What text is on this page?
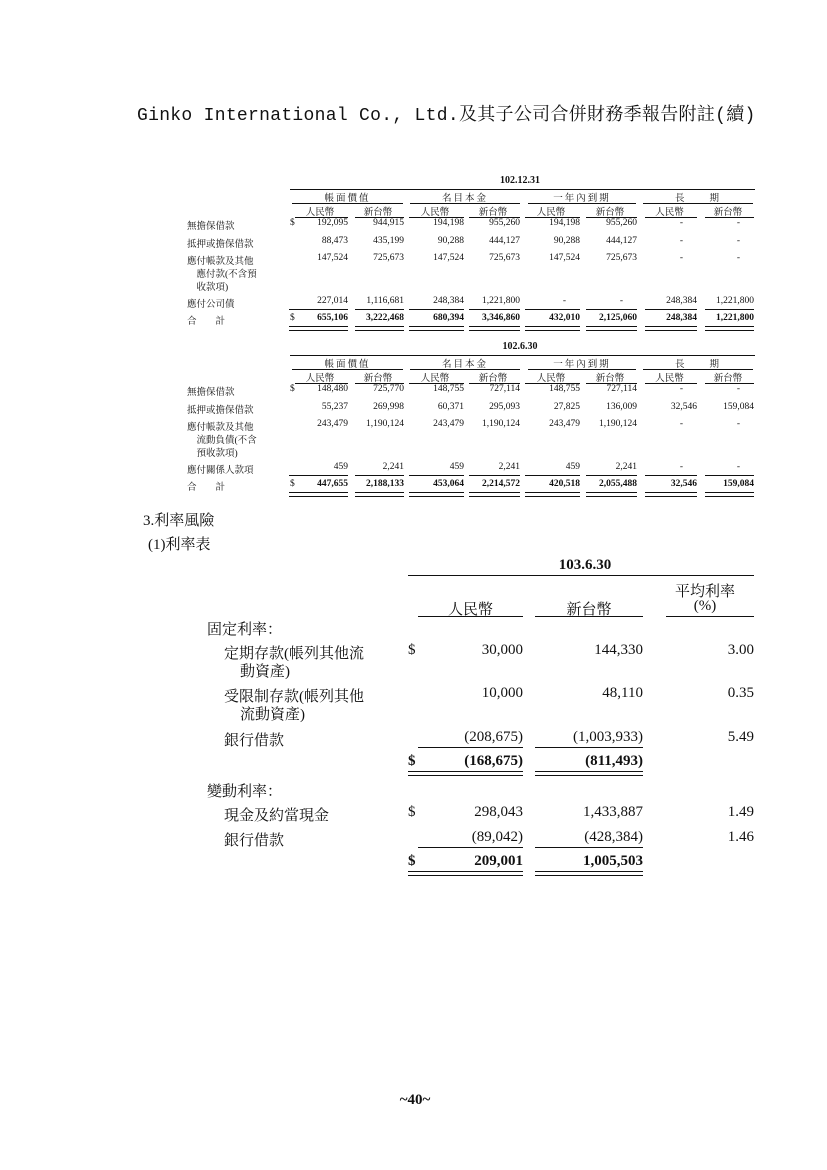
Ginko International Co., Ltd.及其子公司合併財務季報告附註(續)
102.12.31
帳面價值	名目本金	一年內到期	長　　期
人民幣	新台幣	人民幣	新台幣	人民幣	新台幣	人民幣	新台幣
無擔保借款	$	192,095	944,915	194,198	955,260	194,198	955,260	-	-
抵押或擔保借款	88,473	435,199	90,288	444,127	90,288	444,127	-	-
應付帳款及其他
　應付款(不含預
　收款項)
147,524	725,673	147,524	725,673	147,524	725,673	-	-
應付公司債	227,014	1,116,681	248,384	1,221,800	-	-	248,384	1,221,800
合　　計	$	655,106	3,222,468	680,394	3,346,860	432,010	2,125,060	248,384	1,221,800
102.6.30
帳面價值	名目本金	一年內到期	長　　期
人民幣	新台幣	人民幣	新台幣	人民幣	新台幣	人民幣	新台幣
無擔保借款	$	148,480	725,770	148,755	727,114	148,755	727,114	-	-
抵押或擔保借款	55,237	269,998	60,371	295,093	27,825	136,009	32,546	159,084
應付帳款及其他
　流動負債(不含
　預收款項)
243,479	1,190,124	243,479	1,190,124	243,479	1,190,124	-	-
應付關係人款項	459	2,241	459	2,241	459	2,241	-	-
合　　計	$	447,655	2,188,133	453,064	2,214,572	420,518	2,055,488	32,546	159,084
3.利率風險
(1)利率表
103.6.30
平均利率
(%)
人民幣	新台幣
固定利率：
定期存款(帳列其他流
動資產)
$	30,000	144,330	3.00
受限制存款(帳列其他
流動資產)
10,000	48,110	0.35
銀行借款	(208,675)	(1,003,933)	5.49
$	(168,675)	(811,493)
變動利率：
現金及約當現金	$	298,043	1,433,887	1.49
銀行借款	(89,042)	(428,384)	1.46
$	209,001	1,005,503
~40~
